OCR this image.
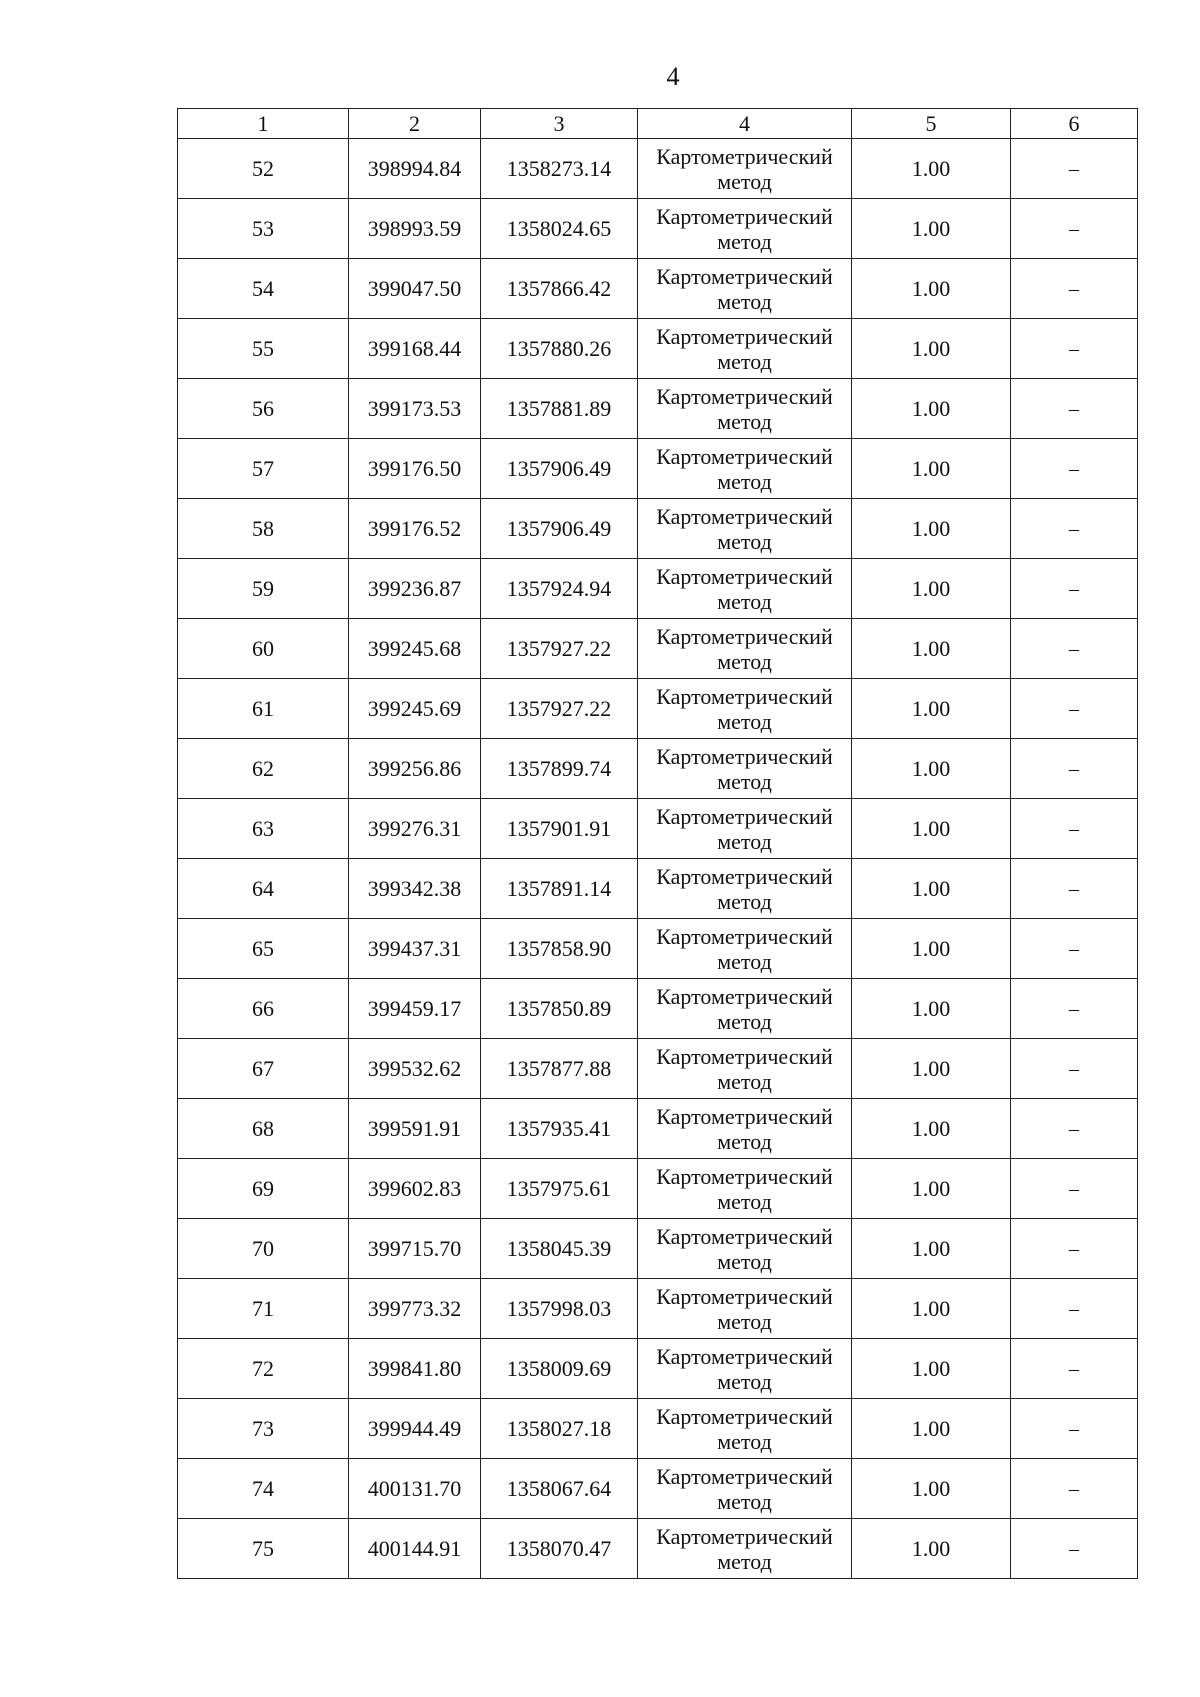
4
1	2	3	4	5	6
52	398994.84	1358273.14	Картометрический метод	1.00	–
53	398993.59	1358024.65	Картометрический метод	1.00	–
54	399047.50	1357866.42	Картометрический метод	1.00	–
55	399168.44	1357880.26	Картометрический метод	1.00	–
56	399173.53	1357881.89	Картометрический метод	1.00	–
57	399176.50	1357906.49	Картометрический метод	1.00	–
58	399176.52	1357906.49	Картометрический метод	1.00	–
59	399236.87	1357924.94	Картометрический метод	1.00	–
60	399245.68	1357927.22	Картометрический метод	1.00	–
61	399245.69	1357927.22	Картометрический метод	1.00	–
62	399256.86	1357899.74	Картометрический метод	1.00	–
63	399276.31	1357901.91	Картометрический метод	1.00	–
64	399342.38	1357891.14	Картометрический метод	1.00	–
65	399437.31	1357858.90	Картометрический метод	1.00	–
66	399459.17	1357850.89	Картометрический метод	1.00	–
67	399532.62	1357877.88	Картометрический метод	1.00	–
68	399591.91	1357935.41	Картометрический метод	1.00	–
69	399602.83	1357975.61	Картометрический метод	1.00	–
70	399715.70	1358045.39	Картометрический метод	1.00	–
71	399773.32	1357998.03	Картометрический метод	1.00	–
72	399841.80	1358009.69	Картометрический метод	1.00	–
73	399944.49	1358027.18	Картометрический метод	1.00	–
74	400131.70	1358067.64	Картометрический метод	1.00	–
75	400144.91	1358070.47	Картометрический метод	1.00	–
